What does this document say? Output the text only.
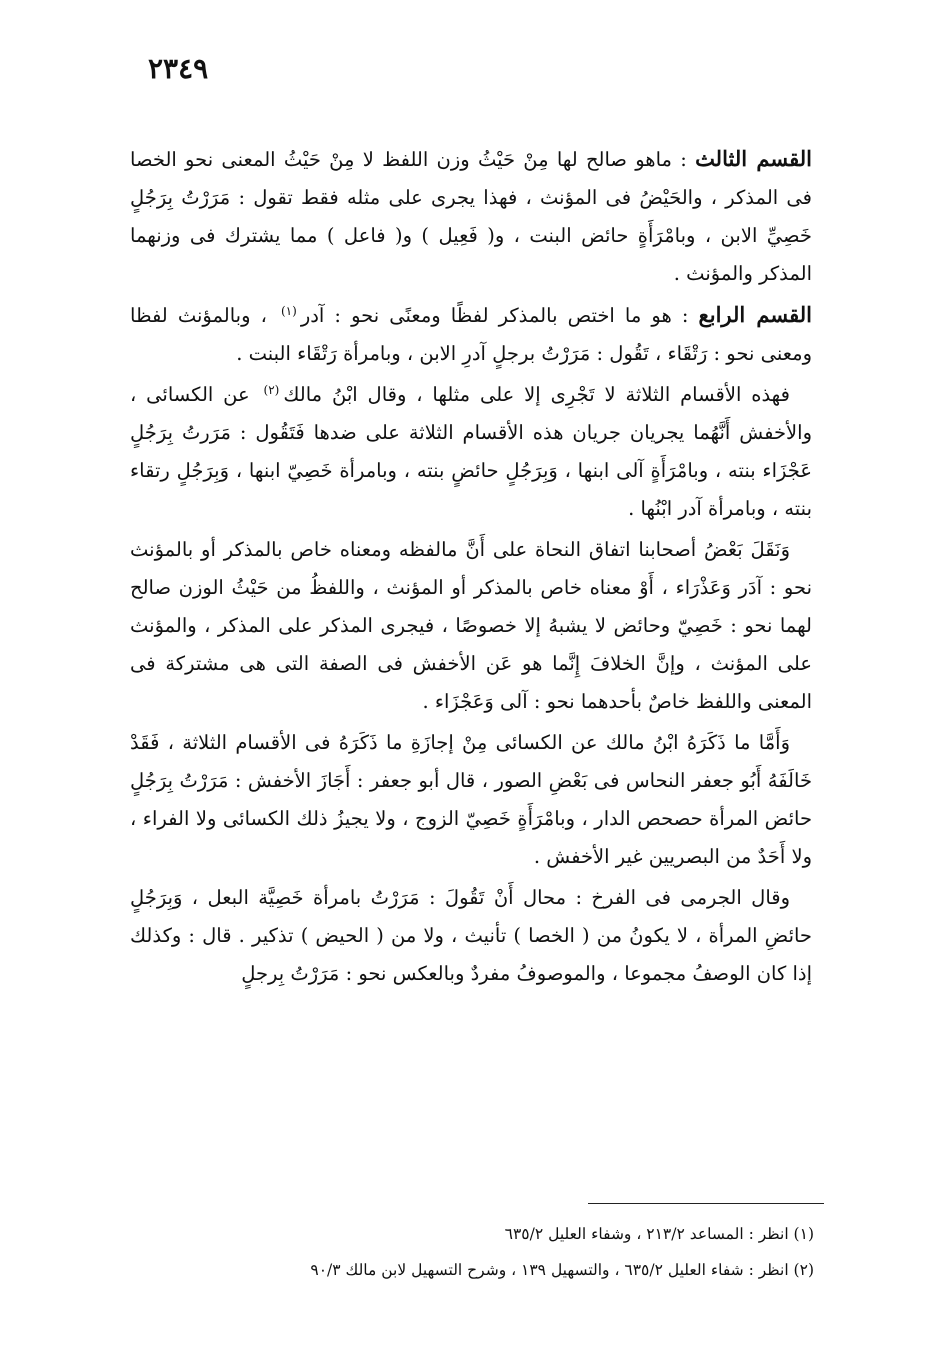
٢٣٤٩

القسم الثالث : ماهو صالح لها مِنْ حَيْثُ وزن اللفظ لا مِنْ حَيْثُ المعنى نحو الخصا فى المذكر ، والحَيْضُ فى المؤنث ، فهذا يجرى على مثله فقط تقول : مَرَرْتُ بِرَجُلٍ خَصِيِّ الابن ، وبامْرَأَةٍ حائض البنت ، و( فَعِيل ) و( فاعل ) مما يشترك فى وزنهما المذكر والمؤنث .

القسم الرابع : هو ما اختص بالمذكر لفظًا ومعنًى نحو : آدر$^{(١)}$ ، وبالمؤنث لفظا ومعنى نحو : رَتْقَاء ، تَقُول : مَرَرْتُ برجلٍ آدرِ الابن ، وبامرأة رَتْقَاء البنت .

فهذه الأقسام الثلاثة لا تَجْرِى إلا على مثلها ، وقال ابْنُ مالك$^{(٢)}$ عن الكسائى ، والأخفش أَنَّهُما يجريان جريان هذه الأقسام الثلاثة على ضدها فَتَقُول : مَرَرتُ بِرَجُلٍ عَجْزَاء بنته ، وبامْرَأَةٍ آلى ابنها ، وَبِرَجُلٍ حائضٍ بنته ، وبامرأة خَصِيّ ابنها ، وَبِرَجُلٍ رتقاء بنته ، وبامرأة آدر ابْنُها .

وَنَقَلَ بَعْضُ أصحابنا اتفاق النحاة على أَنَّ مالفظه ومعناه خاص بالمذكر أو بالمؤنث نحو : آدَر وَعَذْرَاء ، أَوْ معناه خاص بالمذكر أو المؤنث ، واللفظُ من حَيْثُ الوزن صالح لهما نحو : خَصِيّ وحائض لا يشبهُ إلا خصوصًا ، فيجرى المذكر على المذكر ، والمؤنث على المؤنث ، وإنَّ الخلافَ إِنَّما هو عَن الأخفش فى الصفة التى هى مشتركة فى المعنى واللفظ خاصٌ بأحدهما نحو : آلى وَعَجْزَاء .

وَأَمَّا ما ذَكَرَهُ ابْنُ مالك عن الكسائى مِنْ إجازَةِ ما ذَكَرَهُ فى الأقسام الثلاثة ، فَقَدْ خَالَفَهُ أَبُو جعفر النحاس فى بَعْضِ الصور ، قال أبو جعفر : أَجَازَ الأخفش : مَرَرْتُ بِرَجُلٍ حائض المرأة حصحص الدار ، وبامْرَأَةٍ خَصِيّ الزوج ، ولا يجيزُ ذلك الكسائى ولا الفراء ، ولا أَحَدٌ من البصريين غير الأخفش .

وقال الجرمى فى الفرخ : محال أَنْ تَقُولَ : مَرَرْتُ بامرأة خَصِيَّة البعل ، وَبِرَجُلٍ حائضِ المرأة ، لا يكونُ من ( الخصا ) تأنيث ، ولا من ( الحيض ) تذكير . قال : وكذلك إذا كان الوصفُ مجموعا ، والموصوفُ مفردٌ وبالعكس نحو : مَرَرْتُ بِرجلٍ

(١) انظر : المساعد ٢١٣/٢ ، وشفاء العليل ٦٣٥/٢

(٢) انظر : شفاء العليل ٦٣٥/٢ ، والتسهيل ١٣٩ ، وشرح التسهيل لابن مالك ٩٠/٣
